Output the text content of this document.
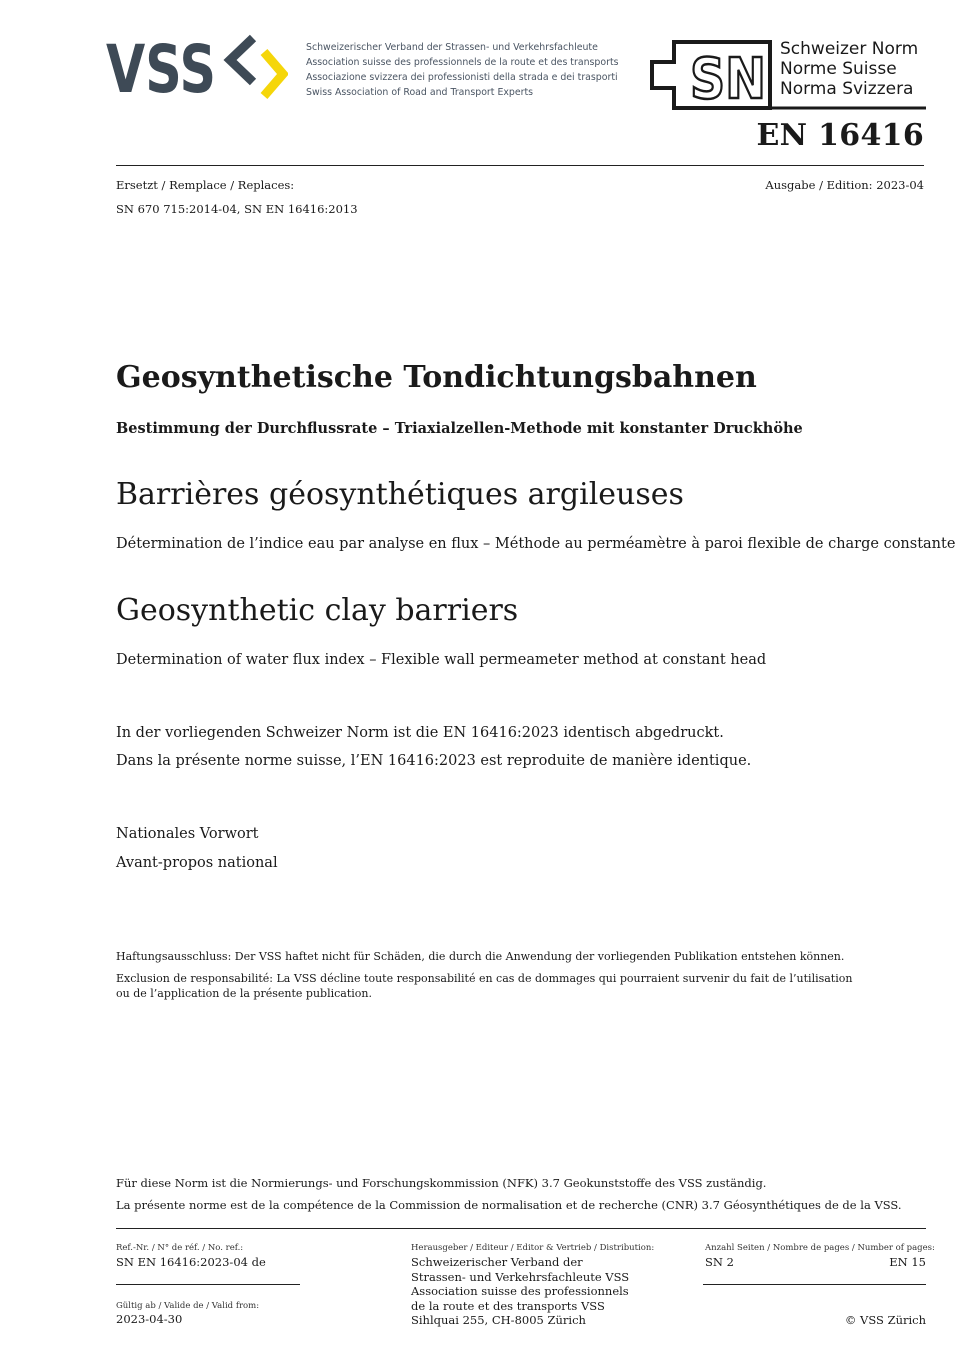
VSS	Schweizerischer Verband der Strassen- und Verkehrsfachleute
Association suisse des professionnels de la route et des transports
Associazione svizzera dei professionisti della strada e dei trasporti
Swiss Association of Road and Transport Experts	SN Schweizer Norm
Norme Suisse
Norma Svizzera
EN 16416
Ersetzt / Remplace / Replaces:
SN 670 715:2014-04, SN EN 16416:2013
Ausgabe / Edition: 2023-04
Geosynthetische Tondichtungsbahnen
Bestimmung der Durchflussrate – Triaxialzellen-Methode mit konstanter Druckhöhe
Barrières géosynthétiques argileuses
Détermination de l’indice eau par analyse en flux – Méthode au perméamètre à paroi flexible de charge constante
Geosynthetic clay barriers
Determination of water flux index – Flexible wall permeameter method at constant head
In der vorliegenden Schweizer Norm ist die EN 16416:2023 identisch abgedruckt.
Dans la présente norme suisse, l’EN 16416:2023 est reproduite de manière identique.
Nationales Vorwort
Avant-propos national
Haftungsausschluss: Der VSS haftet nicht für Schäden, die durch die Anwendung der vorliegenden Publikation entstehen können.
Exclusion de responsabilité: La VSS décline toute responsabilité en cas de dommages qui pourraient survenir du fait de l’utilisation
ou de l’application de la présente publication.
Für diese Norm ist die Normierungs- und Forschungskommission (NFK) 3.7 Geokunststoffe des VSS zuständig.
La présente norme est de la compétence de la Commission de normalisation et de recherche (CNR) 3.7 Géosynthétiques de de la VSS.
Ref.-Nr. / N° de réf. / No. ref.:
SN EN 16416:2023-04 de
Gültig ab / Valide de / Valid from:
2023-04-30
Herausgeber / Editeur / Editor & Vertrieb / Distribution:
Schweizerischer Verband der
Strassen- und Verkehrsfachleute VSS
Association suisse des professionnels
de la route et des transports VSS
Sihlquai 255, CH-8005 Zürich
Anzahl Seiten / Nombre de pages / Number of pages:
SN 2	EN 15
© VSS Zürich
